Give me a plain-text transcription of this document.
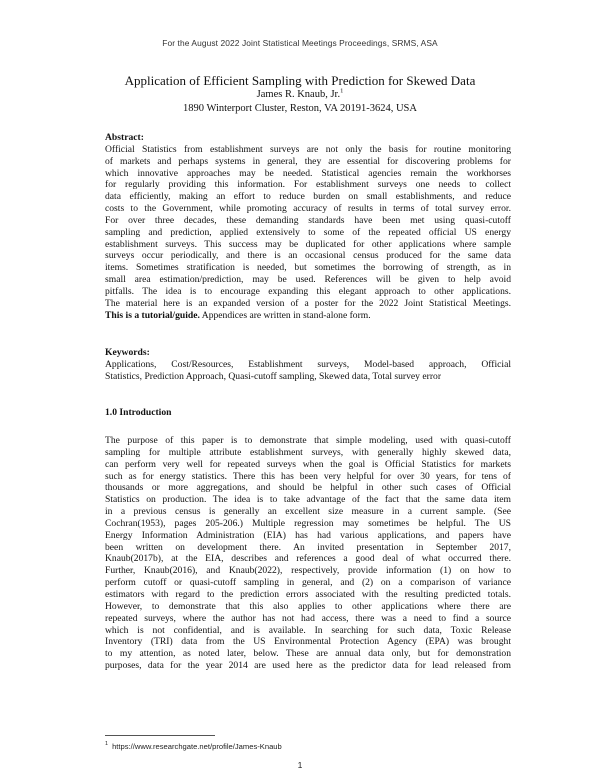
For the August 2022 Joint Statistical Meetings Proceedings, SRMS, ASA
Application of Efficient Sampling with Prediction for Skewed Data
James R. Knaub, Jr.$^1$
1890 Winterport Cluster, Reston, VA 20191-3624, USA
Abstract:
Official Statistics from establishment surveys are not only the basis for routine monitoring
of markets and perhaps systems in general, they are essential for discovering problems for
which innovative approaches may be needed. Statistical agencies remain the workhorses
for regularly providing this information. For establishment surveys one needs to collect
data efficiently, making an effort to reduce burden on small establishments, and reduce
costs to the Government, while promoting accuracy of results in terms of total survey error.
For over three decades, these demanding standards have been met using quasi-cutoff
sampling and prediction, applied extensively to some of the repeated official US energy
establishment surveys. This success may be duplicated for other applications where sample
surveys occur periodically, and there is an occasional census produced for the same data
items. Sometimes stratification is needed, but sometimes the borrowing of strength, as in
small area estimation/prediction, may be used. References will be given to help avoid
pitfalls. The idea is to encourage expanding this elegant approach to other applications.
The material here is an expanded version of a poster for the 2022 Joint Statistical Meetings.
This is a tutorial/guide. Appendices are written in stand-alone form.
Keywords:
Applications, Cost/Resources, Establishment surveys, Model-based approach, Official
Statistics, Prediction Approach, Quasi-cutoff sampling, Skewed data, Total survey error
1.0 Introduction
The purpose of this paper is to demonstrate that simple modeling, used with quasi-cutoff
sampling for multiple attribute establishment surveys, with generally highly skewed data,
can perform very well for repeated surveys when the goal is Official Statistics for markets
such as for energy statistics. There this has been very helpful for over 30 years, for tens of
thousands or more aggregations, and should be helpful in other such cases of Official
Statistics on production. The idea is to take advantage of the fact that the same data item
in a previous census is generally an excellent size measure in a current sample. (See
Cochran(1953), pages 205-206.) Multiple regression may sometimes be helpful. The US
Energy Information Administration (EIA) has had various applications, and papers have
been written on development there. An invited presentation in September 2017,
Knaub(2017b), at the EIA, describes and references a good deal of what occurred there.
Further, Knaub(2016), and Knaub(2022), respectively, provide information (1) on how to
perform cutoff or quasi-cutoff sampling in general, and (2) on a comparison of variance
estimators with regard to the prediction errors associated with the resulting predicted totals.
However, to demonstrate that this also applies to other applications where there are
repeated surveys, where the author has not had access, there was a need to find a source
which is not confidential, and is available. In searching for such data, Toxic Release
Inventory (TRI) data from the US Environmental Protection Agency (EPA) was brought
to my attention, as noted later, below. These are annual data only, but for demonstration
purposes, data for the year 2014 are used here as the predictor data for lead released from
$^1$ https://www.researchgate.net/profile/James-Knaub
1
